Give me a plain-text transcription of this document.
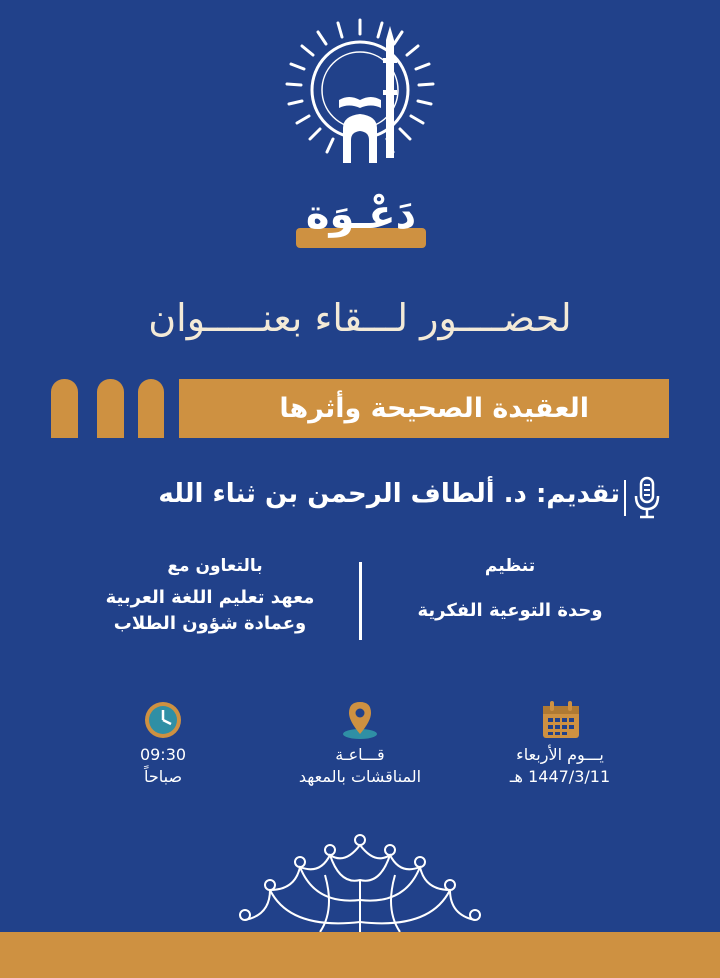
دَعْـوَة
لحضــــور لـــقاء بعنـــــوان
العقيدة الصحيحة وأثرها
تقديم: د. ألطاف الرحمن بن ثناء الله
تنظيم
وحدة التوعية الفكرية
بالتعاون مع
معهد تعليم اللغة العربية
وعمادة شؤون الطلاب
يـــوم الأربعاء
1447/3/11 هـ
قـــاعـة
المناقشات بالمعهد
09:30
صباحاً
